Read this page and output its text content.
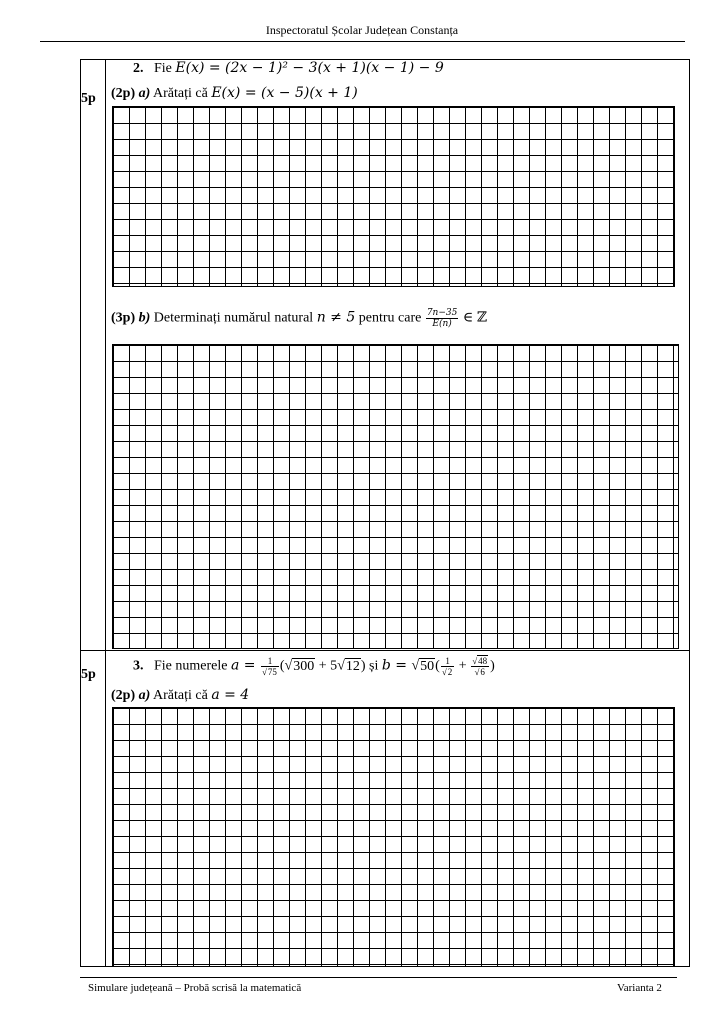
Inspectoratul Școlar Județean Constanța
5p
5p
2. Fie E(x) = (2x − 1)² − 3(x + 1)(x − 1) − 9
(2p) a) Arătați că E(x) = (x − 5)(x + 1)
(3p) b) Determinați numărul natural n ≠ 5 pentru care $\frac{7n-35}{E(n)}$ ∈ ℤ
3. Fie numerele $a = \frac{1}{√75} (√300 + 5√12)$ și $b = √50( \frac{1}{√2} + \frac{√48}{√6}$ )
(2p) a) Arătați că a = 4
Simulare județeană – Probă scrisă la matematică	Varianta 2
